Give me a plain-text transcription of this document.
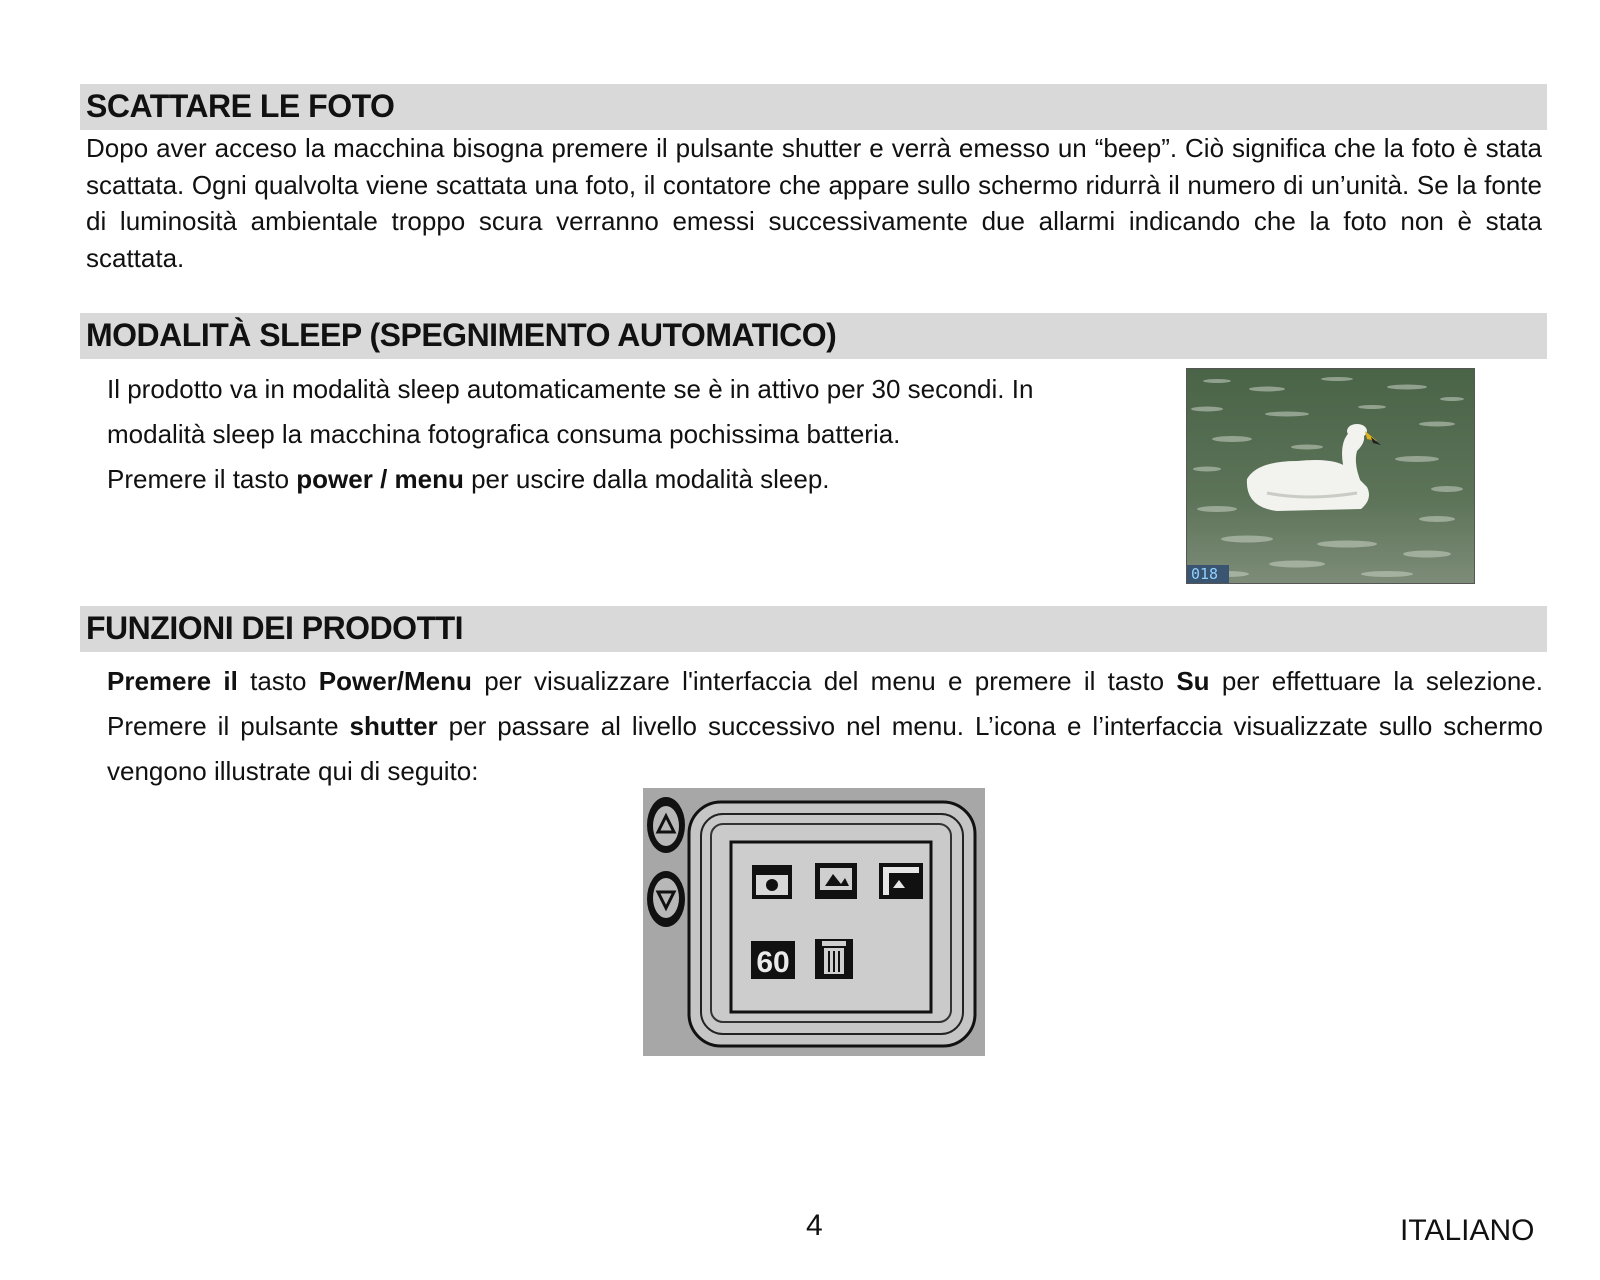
SCATTARE LE FOTO

Dopo aver acceso la macchina bisogna premere il pulsante shutter e verrà emesso un “beep”. Ciò significa che la foto è stata scattata. Ogni qualvolta viene scattata una foto, il contatore che appare sullo schermo ridurrà il numero di un’unità. Se la fonte di luminosità ambientale troppo scura verranno emessi successivamente due allarmi indicando che la foto non è stata scattata.

MODALITÀ SLEEP (SPEGNIMENTO AUTOMATICO)

Il prodotto va in modalità sleep automaticamente se è in attivo per 30 secondi. In

modalità sleep la macchina fotografica consuma pochissima batteria.

Premere il tasto power / menu per uscire dalla modalità sleep.

018
FUNZIONI DEI PRODOTTI

Premere il tasto Power/Menu per visualizzare l'interfaccia del menu e premere il tasto Su per effettuare la selezione. Premere il pulsante shutter per passare al livello successivo nel menu. L’icona e l’interfaccia visualizzate sullo schermo vengono illustrate qui di seguito:

60
4	ITALIANO
